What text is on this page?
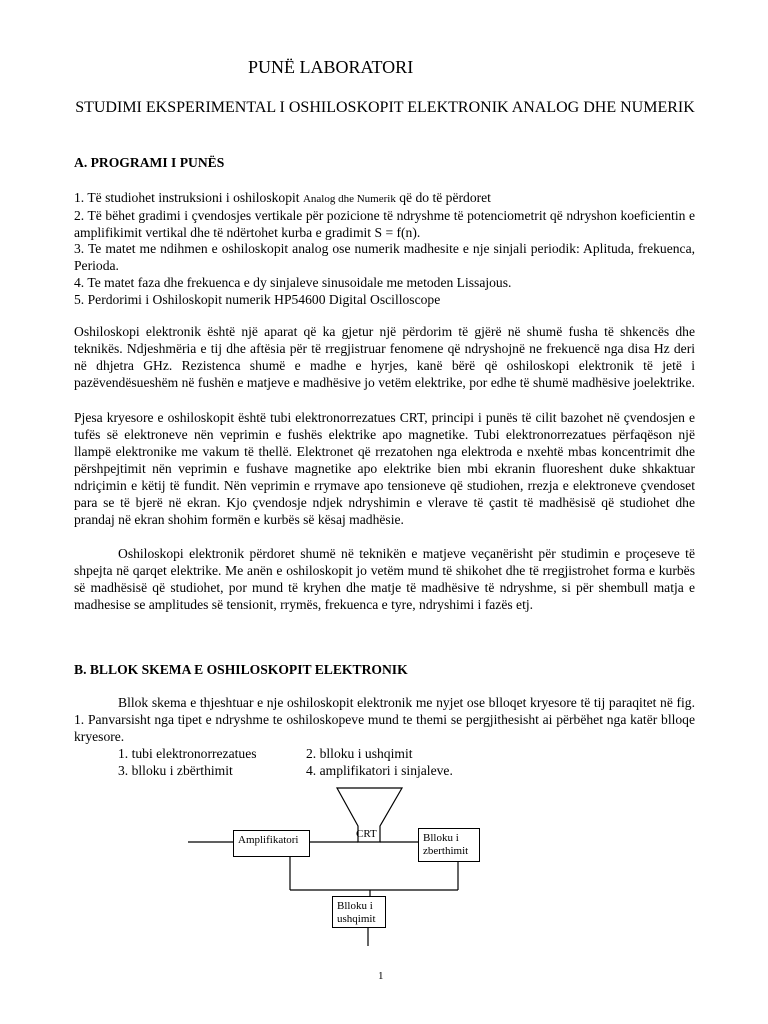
PUNË LABORATORI
STUDIMI EKSPERIMENTAL I OSHILOSKOPIT ELEKTRONIK ANALOG DHE NUMERIK
A. PROGRAMI I PUNËS
1. Të studiohet instruksioni i oshiloskopit Analog dhe Numerik që do të përdoret
2. Të bëhet gradimi i çvendosjes vertikale për pozicione të ndryshme të potenciometrit që ndryshon koeficientin e amplifikimit vertikal dhe të ndërtohet kurba e gradimit S = f(n).
3. Te matet me ndihmen e oshiloskopit analog ose numerik madhesite e nje sinjali periodik: Aplituda, frekuenca, Perioda.
4. Te matet faza dhe frekuenca e dy sinjaleve sinusoidale me metoden Lissajous.
5. Perdorimi i Oshiloskopit numerik HP54600 Digital Oscilloscope
Oshiloskopi elektronik është një aparat që ka gjetur një përdorim të gjërë në shumë fusha të shkencës dhe teknikës. Ndjeshmëria e tij dhe aftësia për të rregjistruar fenomene që ndryshojnë ne frekuencë nga disa Hz deri në dhjetra GHz. Rezistenca shumë e madhe e hyrjes, kanë bërë që oshiloskopi elektronik të jetë i pazëvendësueshëm në fushën e matjeve e madhësive jo vetëm elektrike, por edhe të shumë madhësive joelektrike.
Pjesa kryesore e oshiloskopit është tubi elektronorrezatues CRT, principi i punës të cilit bazohet në çvendosjen e tufës së elektroneve nën veprimin e fushës elektrike apo magnetike. Tubi elektronorrezatues përfaqëson një llampë elektronike me vakum të thellë. Elektronet që rrezatohen nga elektroda e nxehtë mbas koncentrimit dhe përshpejtimit nën veprimin e fushave magnetike apo elektrike bien mbi ekranin fluoreshent duke shkaktuar ndriçimin e këtij të fundit. Nën veprimin e rrymave apo tensioneve që studiohen, rrezja e elektroneve çvendoset para se të bjerë në ekran. Kjo çvendosje ndjek ndryshimin e vlerave të çastit të madhësisë që studiohet dhe prandaj në ekran shohim formën e kurbës së kësaj madhësie.
Oshiloskopi elektronik përdoret shumë në teknikën e matjeve veçanërisht për studimin e proçeseve të shpejta në qarqet elektrike. Me anën e oshiloskopit jo vetëm mund të shikohet dhe të rregjistrohet forma e kurbës së madhësisë që studiohet, por mund të kryhen dhe matje të madhësive të ndryshme, si për shembull matja e madhesise se amplitudes së tensionit, rrymës, frekuenca e tyre, ndryshimi i fazës etj.
B. BLLOK SKEMA E OSHILOSKOPIT ELEKTRONIK
Bllok skema e thjeshtuar e nje oshiloskopit elektronik me nyjet ose blloqet kryesore të tij paraqitet në fig. 1. Panvarsisht nga tipet e ndryshme te oshiloskopeve mund te themi se pergjithesisht ai përbëhet nga katër blloqe kryesore.
1. tubi elektronorrezatues	2. blloku i ushqimit
3. blloku i zbërthimit	4. amplifikatori i sinjaleve.
Amplifikatori	CRT	Blloku i zberthimit
Blloku i ushqimit
1
